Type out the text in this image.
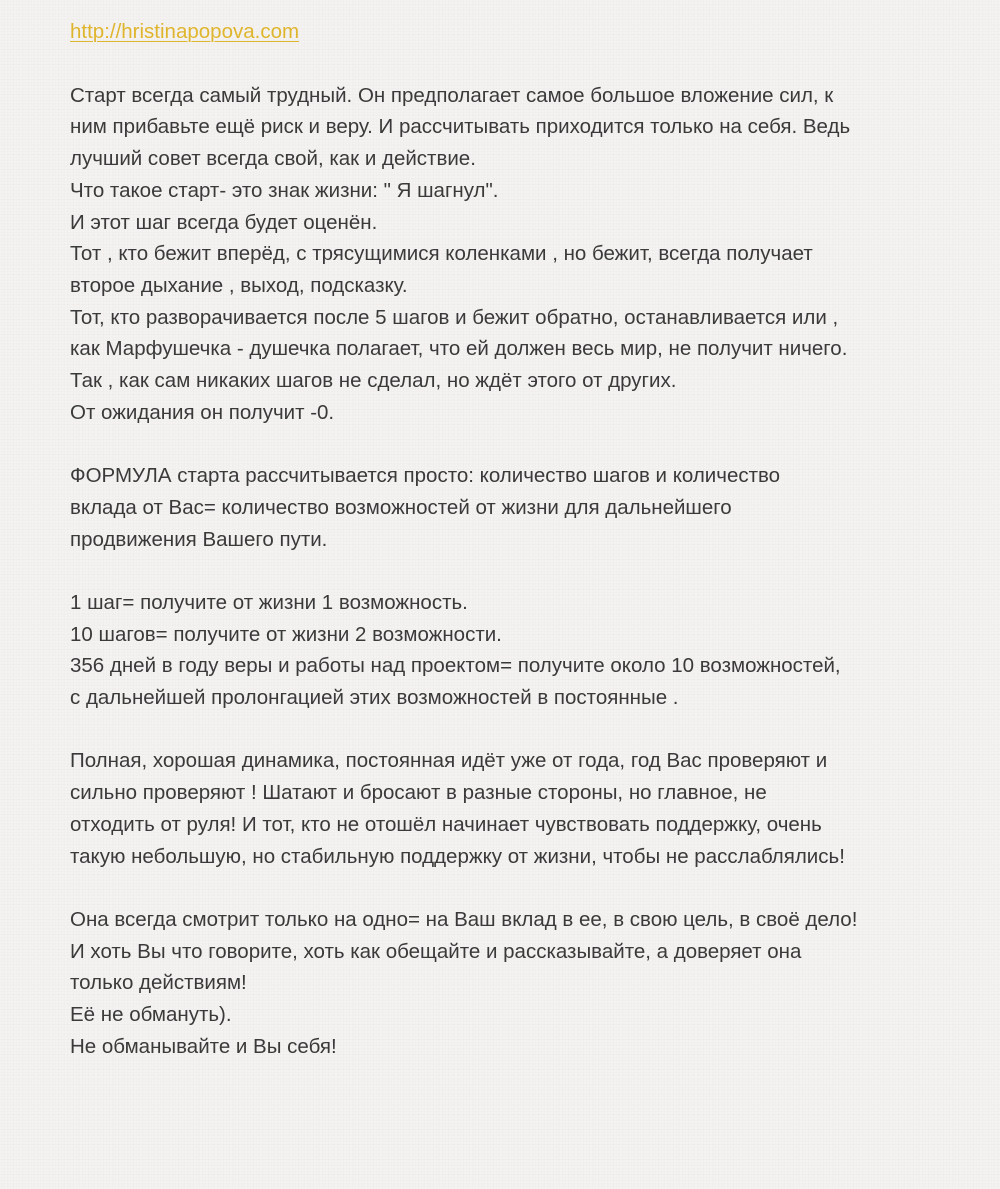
http://hristinapopova.com

Старт всегда самый трудный. Он предполагает самое большое вложение сил, к
ним прибавьте ещё риск и веру. И рассчитывать приходится только на себя. Ведь
лучший совет всегда свой, как и действие.
Что такое старт- это знак жизни: " Я шагнул".
И этот шаг всегда будет оценён.
Тот , кто бежит вперёд, с трясущимися коленками , но бежит, всегда получает
второе дыхание , выход, подсказку.
Тот, кто разворачивается после 5 шагов и бежит обратно, останавливается или ,
как Марфушечка - душечка полагает, что ей должен весь мир, не получит ничего.
Так , как сам никаких шагов не сделал, но ждёт этого от других.
От ожидания он получит -0.

ФОРМУЛА старта рассчитывается просто: количество шагов и количество
вклада от Вас= количество возможностей от жизни для дальнейшего
продвижения Вашего пути.

1 шаг= получите от жизни 1 возможность.
10 шагов= получите от жизни 2 возможности.
356 дней в году веры и работы над проектом= получите около 10 возможностей,
с дальнейшей пролонгацией этих возможностей в постоянные .

Полная, хорошая динамика, постоянная идёт уже от года, год Вас проверяют и
сильно проверяют ! Шатают и бросают в разные стороны, но главное, не
отходить от руля! И тот, кто не отошёл начинает чувствовать поддержку, очень
такую небольшую, но стабильную поддержку от жизни, чтобы не расслаблялись!

Она всегда смотрит только на одно= на Ваш вклад в ее, в свою цель, в своё дело!
И хоть Вы что говорите, хоть как обещайте и рассказывайте, а доверяет она
только действиям!
Её не обмануть).
Не обманывайте и Вы себя!
